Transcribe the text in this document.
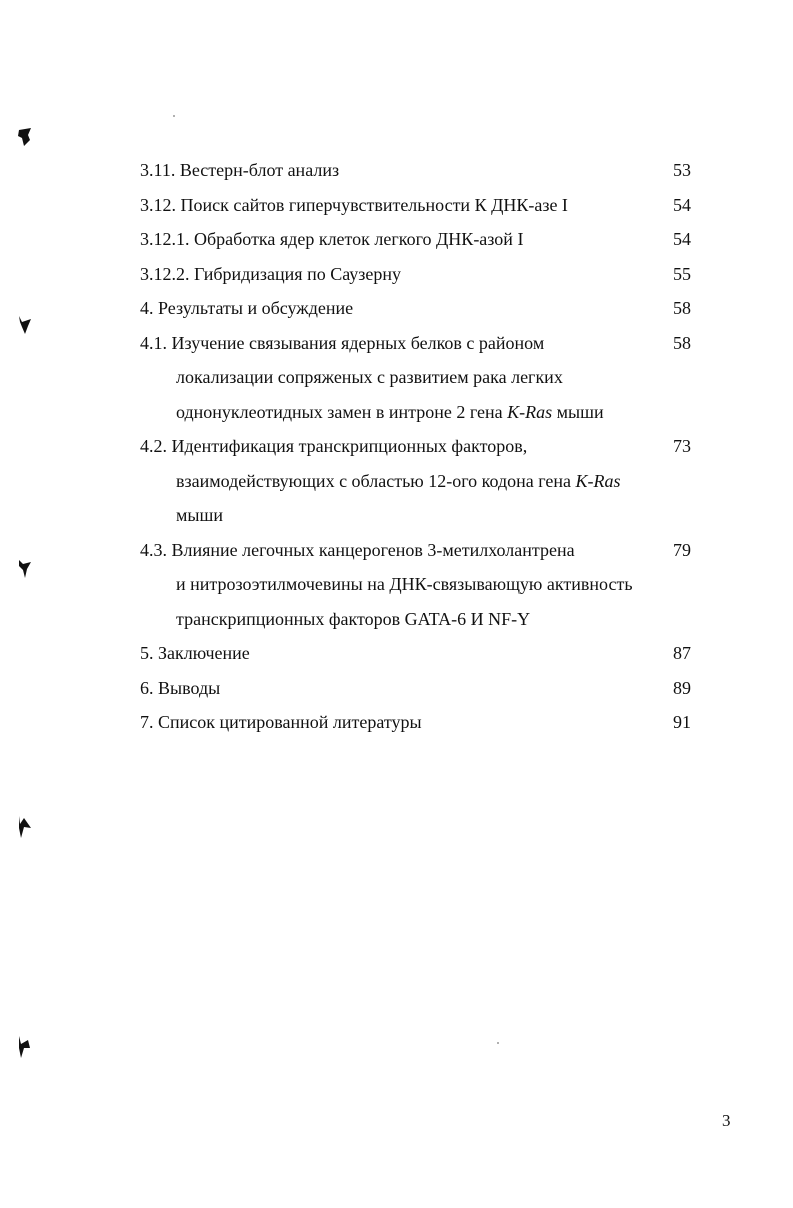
3.11. Вестерн-блот анализ	53
3.12. Поиск сайтов гиперчувствительности К ДНК-азе I	54
3.12.1. Обработка ядер клеток легкого ДНК-азой I	54
3.12.2. Гибридизация по Саузерну	55
4. Результаты и обсуждение	58
4.1. Изучение связывания ядерных белков с районом	58
локализации сопряженых с развитием рака легких
однонуклеотидных замен в интроне 2 гена K-Ras мыши
4.2. Идентификация транскрипционных факторов,	73
взаимодействующих с областью 12-ого кодона гена K-Ras
мыши
4.3. Влияние легочных канцерогенов 3-метилхолантрена	79
и нитрозоэтилмочевины на ДНК-связывающую активность
транскрипционных факторов GATA-6 И NF-Y
5. Заключение	87
6. Выводы	89
7. Список цитированной литературы	91
3
